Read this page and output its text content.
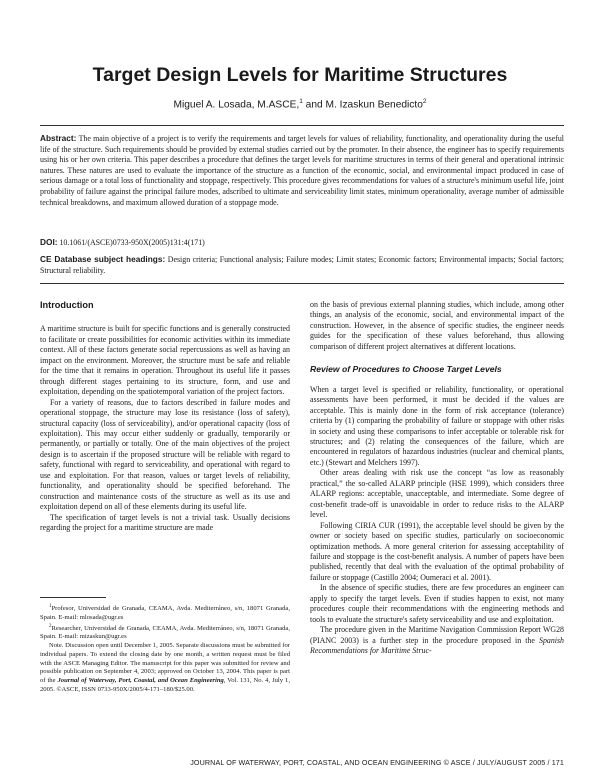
Target Design Levels for Maritime Structures
Miguel A. Losada, M.ASCE,$^1$ and M. Izaskun Benedicto$^2$
Abstract: The main objective of a project is to verify the requirements and target levels for values of reliability, functionality, and operationality during the useful life of the structure. Such requirements should be provided by external studies carried out by the promoter. In their absence, the engineer has to specify requirements using his or her own criteria. This paper describes a procedure that defines the target levels for maritime structures in terms of their general and operational intrinsic natures. These natures are used to evaluate the importance of the structure as a function of the economic, social, and environmental impact produced in case of serious damage or a total loss of functionality and stoppage, respectively. This procedure gives recommendations for values of a structure's minimum useful life, joint probability of failure against the principal failure modes, adscribed to ultimate and serviceability limit states, minimum operationality, average number of admissible technical breakdowns, and maximum allowed duration of a stoppage mode.
DOI: 10.1061/(ASCE)0733-950X(2005)131:4(171)
CE Database subject headings: Design criteria; Functional analysis; Failure modes; Limit states; Economic factors; Environmental impacts; Social factors; Structural reliability.
Introduction

A maritime structure is built for specific functions and is generally constructed to facilitate or create possibilities for economic activities within its immediate context. All of these factors generate social repercussions as well as having an impact on the environment. Moreover, the structure must be safe and reliable for the time that it remains in operation. Throughout its useful life it passes through different stages pertaining to its structure, form, and use and exploitation, depending on the spatiotemporal variation of the project factors.

For a variety of reasons, due to factors described in failure modes and operational stoppage, the structure may lose its resistance (loss of safety), structural capacity (loss of serviceability), and/or operational capacity (loss of exploitation). This may occur either suddenly or gradually, temporarily or permanently, or partially or totally. One of the main objectives of the project design is to ascertain if the proposed structure will be reliable with regard to safety, functional with regard to serviceability, and operational with regard to use and exploitation. For that reason, values or target levels of reliability, functionality, and operationality should be specified beforehand. The construction and maintenance costs of the structure as well as its use and exploitation depend on all of these elements during its useful life.

The specification of target levels is not a trivial task. Usually decisions regarding the project for a maritime structure are made

$^1$Profesor, Universidad de Granada, CEAMA, Avda. Mediterráneo, s/n, 18071 Granada, Spain. E-mail: mlosada@ugr.es

$^2$Researcher, Universidad de Granada, CEAMA, Avda. Mediterráneo, s/n, 18071 Granada, Spain. E-mail: mizaskun@ugr.es

Note. Discussion open until December 1, 2005. Separate discussions must be submitted for individual papers. To extend the closing date by one month, a written request must be filed with the ASCE Managing Editor. The manuscript for this paper was submitted for review and possible publication on September 4, 2003; approved on October 13, 2004. This paper is part of the Journal of Waterway, Port, Coastal, and Ocean Engineering, Vol. 131, No. 4, July 1, 2005. ©ASCE, ISSN 0733-950X/2005/4-171–180/$25.00.

on the basis of previous external planning studies, which include, among other things, an analysis of the economic, social, and environmental impact of the construction. However, in the absence of specific studies, the engineer needs guides for the specification of these values beforehand, thus allowing comparison of different project alternatives at different locations.

Review of Procedures to Choose Target Levels

When a target level is specified or reliability, functionality, or operational assessments have been performed, it must be decided if the values are acceptable. This is mainly done in the form of risk acceptance (tolerance) criteria by (1) comparing the probability of failure or stoppage with other risks in society and using these comparisons to infer acceptable or tolerable risk for structures; and (2) relating the consequences of the failure, which are encountered in regulators of hazardous industries (nuclear and chemical plants, etc.) (Stewart and Melchers 1997).

Other areas dealing with risk use the concept “as low as reasonably practical,” the so-called ALARP principle (HSE 1999), which considers three ALARP regions: acceptable, unacceptable, and intermediate. Some degree of cost-benefit trade-off is unavoidable in order to reduce risks to the ALARP level.

Following CIRIA CUR (1991), the acceptable level should be given by the owner or society based on specific studies, particularly on socioeconomic optimization methods. A more general criterion for assessing acceptability of failure and stoppage is the cost-benefit analysis. A number of papers have been published, recently that deal with the evaluation of the optimal probability of failure or stoppage (Castillo 2004; Oumeraci et al. 2001).

In the absence of specific studies, there are few procedures an engineer can apply to specify the target levels. Even if studies happen to exist, not many procedures couple their recommendations with the engineering methods and tools to evaluate the structure's safety serviceability and use and exploitation.

The procedure given in the Maritime Navigation Commission Report WG28 (PIANC 2003) is a further step in the procedure proposed in the Spanish Recommendations for Maritime Struc-

JOURNAL OF WATERWAY, PORT, COASTAL, AND OCEAN ENGINEERING © ASCE / JULY/AUGUST 2005 / 171
